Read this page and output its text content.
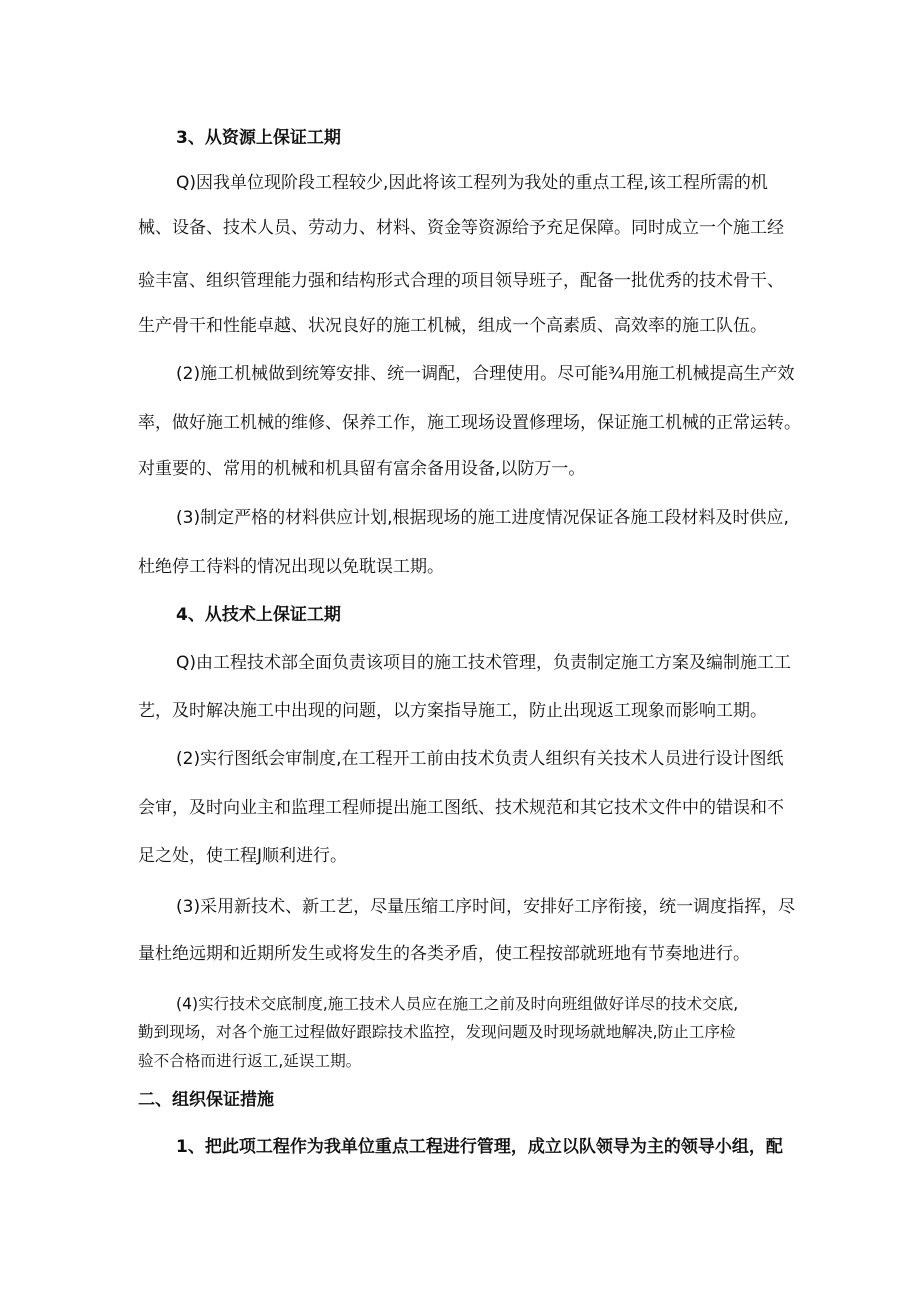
3、从资源上保证工期
Q)因我单位现阶段工程较少,因此将该工程列为我处的重点工程,该工程所需的机
械、设备、技术人员、劳动力、材料、资金等资源给予充足保障。同时成立一个施工经
验丰富、组织管理能力强和结构形式合理的项目领导班子，配备一批优秀的技术骨干、
生产骨干和性能卓越、状况良好的施工机械，组成一个高素质、高效率的施工队伍。
(2)施工机械做到统筹安排、统一调配，合理使用。尽可能¾用施工机械提高生产效
率，做好施工机械的维修、保养工作，施工现场设置修理场，保证施工机械的正常运转。
对重要的、常用的机械和机具留有富余备用设备,以防万一。
(3)制定严格的材料供应计划,根据现场的施工进度情况保证各施工段材料及时供应,
杜绝停工待料的情况出现以免耽误工期。
4、从技术上保证工期
Q)由工程技术部全面负责该项目的施工技术管理，负责制定施工方案及编制施工工
艺，及时解决施工中出现的问题，以方案指导施工，防止出现返工现象而影响工期。
(2)实行图纸会审制度,在工程开工前由技术负责人组织有关技术人员进行设计图纸
会审，及时向业主和监理工程师提出施工图纸、技术规范和其它技术文件中的错误和不
足之处，使工程J顺利进行。
(3)采用新技术、新工艺，尽量压缩工序时间，安排好工序衔接，统一调度指挥，尽
量杜绝远期和近期所发生或将发生的各类矛盾，使工程按部就班地有节奏地进行。
(4)实行技术交底制度,施工技术人员应在施工之前及时向班组做好详尽的技术交底,
勤到现场，对各个施工过程做好跟踪技术监控，发现问题及时现场就地解决,防止工序检
验不合格而进行返工,延误工期。
二、组织保证措施
1、把此项工程作为我单位重点工程进行管理，成立以队领导为主的领导小组，配
